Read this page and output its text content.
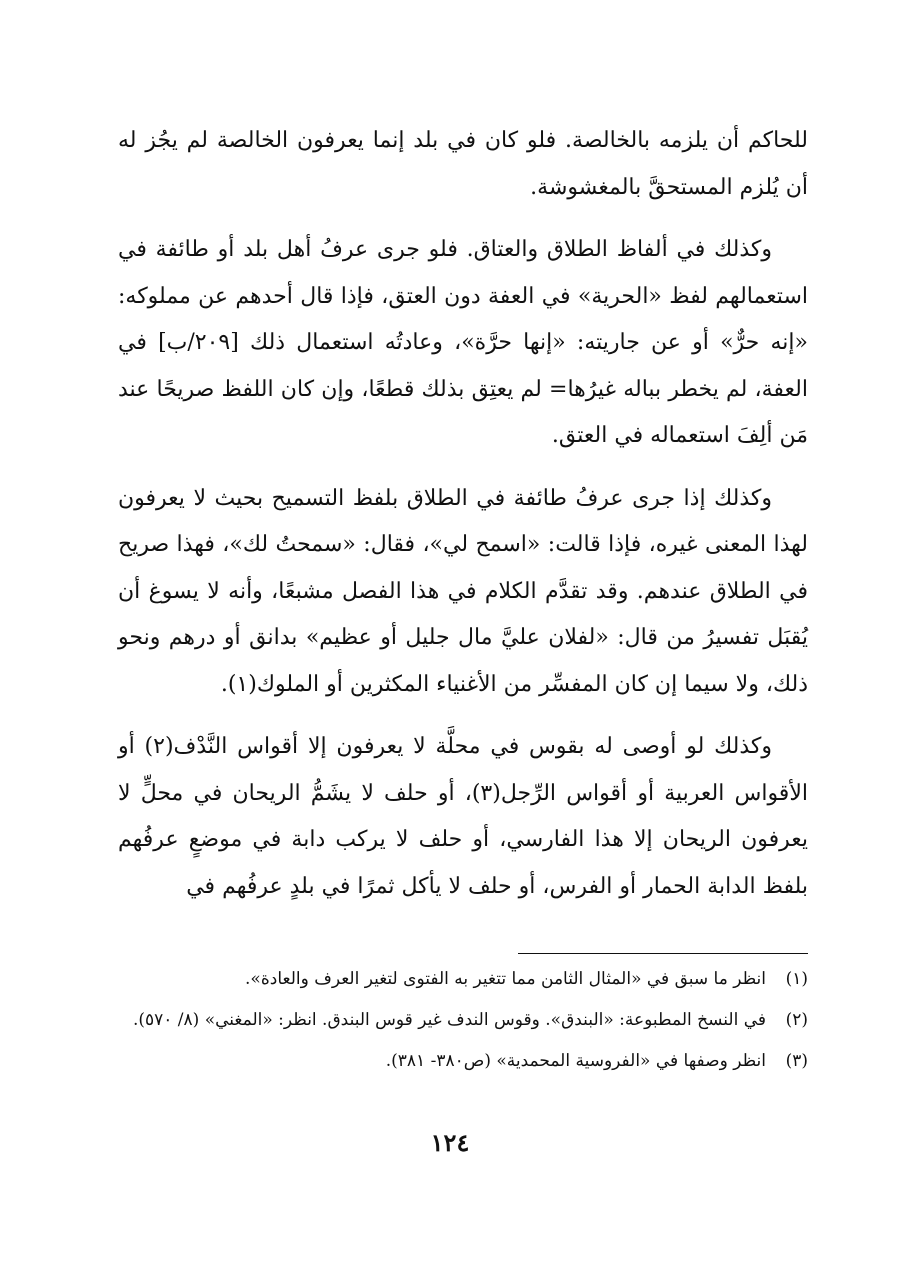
للحاكم أن يلزمه بالخالصة. فلو كان في بلد إنما يعرفون الخالصة لم يجُز له أن يُلزم المستحقَّ بالمغشوشة.

وكذلك في ألفاظ الطلاق والعتاق. فلو جرى عرفُ أهل بلد أو طائفة في استعمالهم لفظ «الحرية» في العفة دون العتق، فإذا قال أحدهم عن مملوكه: «إنه حرٌّ» أو عن جاريته: «إنها حرَّة»، وعادتُه استعمال ذلك [٢٠٩/ب] في العفة، لم يخطر بباله غيرُها= لم يعتِق بذلك قطعًا، وإن كان اللفظ صريحًا عند مَن ألِفَ استعماله في العتق.

وكذلك إذا جرى عرفُ طائفة في الطلاق بلفظ التسميح بحيث لا يعرفون لهذا المعنى غيره، فإذا قالت: «اسمح لي»، فقال: «سمحتُ لك»، فهذا صريح في الطلاق عندهم. وقد تقدَّم الكلام في هذا الفصل مشبعًا، وأنه لا يسوغ أن يُقبَل تفسيرُ من قال: «لفلان عليَّ مال جليل أو عظيم» بدانق أو درهم ونحو ذلك، ولا سيما إن كان المفسِّر من الأغنياء المكثرين أو الملوك(١).

وكذلك لو أوصى له بقوس في محلَّة لا يعرفون إلا أقواس النَّدْف(٢) أو الأقواس العربية أو أقواس الرِّجل(٣)، أو حلف لا يشَمُّ الريحان في محلٍّ لا يعرفون الريحان إلا هذا الفارسي، أو حلف لا يركب دابة في موضعٍ عرفُهم بلفظ الدابة الحمار أو الفرس، أو حلف لا يأكل ثمرًا في بلدٍ عرفُهم في

(١)
انظر ما سبق في «المثال الثامن مما تتغير به الفتوى لتغير العرف والعادة».
(٢)
في النسخ المطبوعة: «البندق». وقوس الندف غير قوس البندق. انظر: «المغني» (٨/ ٥٧٠).
(٣)
انظر وصفها في «الفروسية المحمدية» (ص٣٨٠- ٣٨١).
١٢٤
